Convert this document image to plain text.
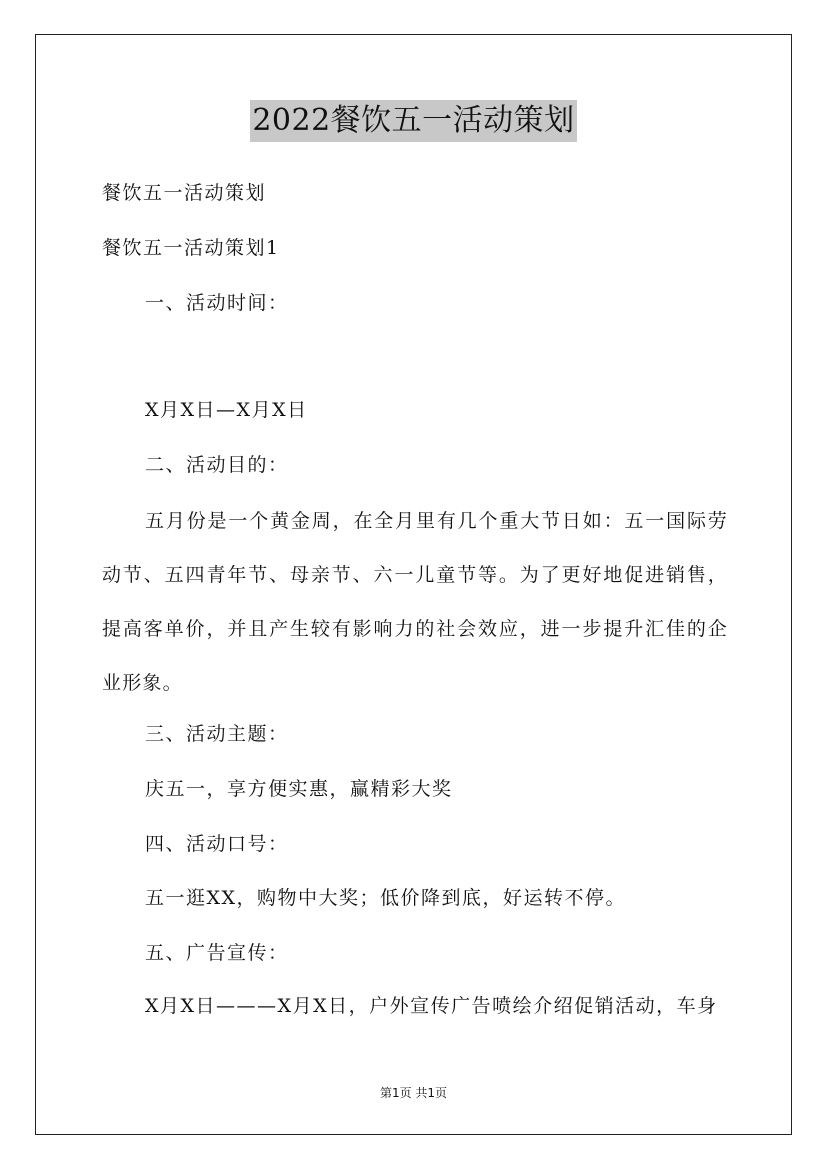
2022餐饮五一活动策划
餐饮五一活动策划
餐饮五一活动策划1
一、活动时间：
X月X日—X月X日
二、活动目的：
五月份是一个黄金周，在全月里有几个重大节日如：五一国际劳动节、五四青年节、母亲节、六一儿童节等。为了更好地促进销售，提高客单价，并且产生较有影响力的社会效应，进一步提升汇佳的企业形象。
三、活动主题：
庆五一，享方便实惠，赢精彩大奖
四、活动口号：
五一逛XX，购物中大奖；低价降到底，好运转不停。
五、广告宣传：
X月X日———X月X日，户外宣传广告喷绘介绍促销活动，车身
第1页 共1页
